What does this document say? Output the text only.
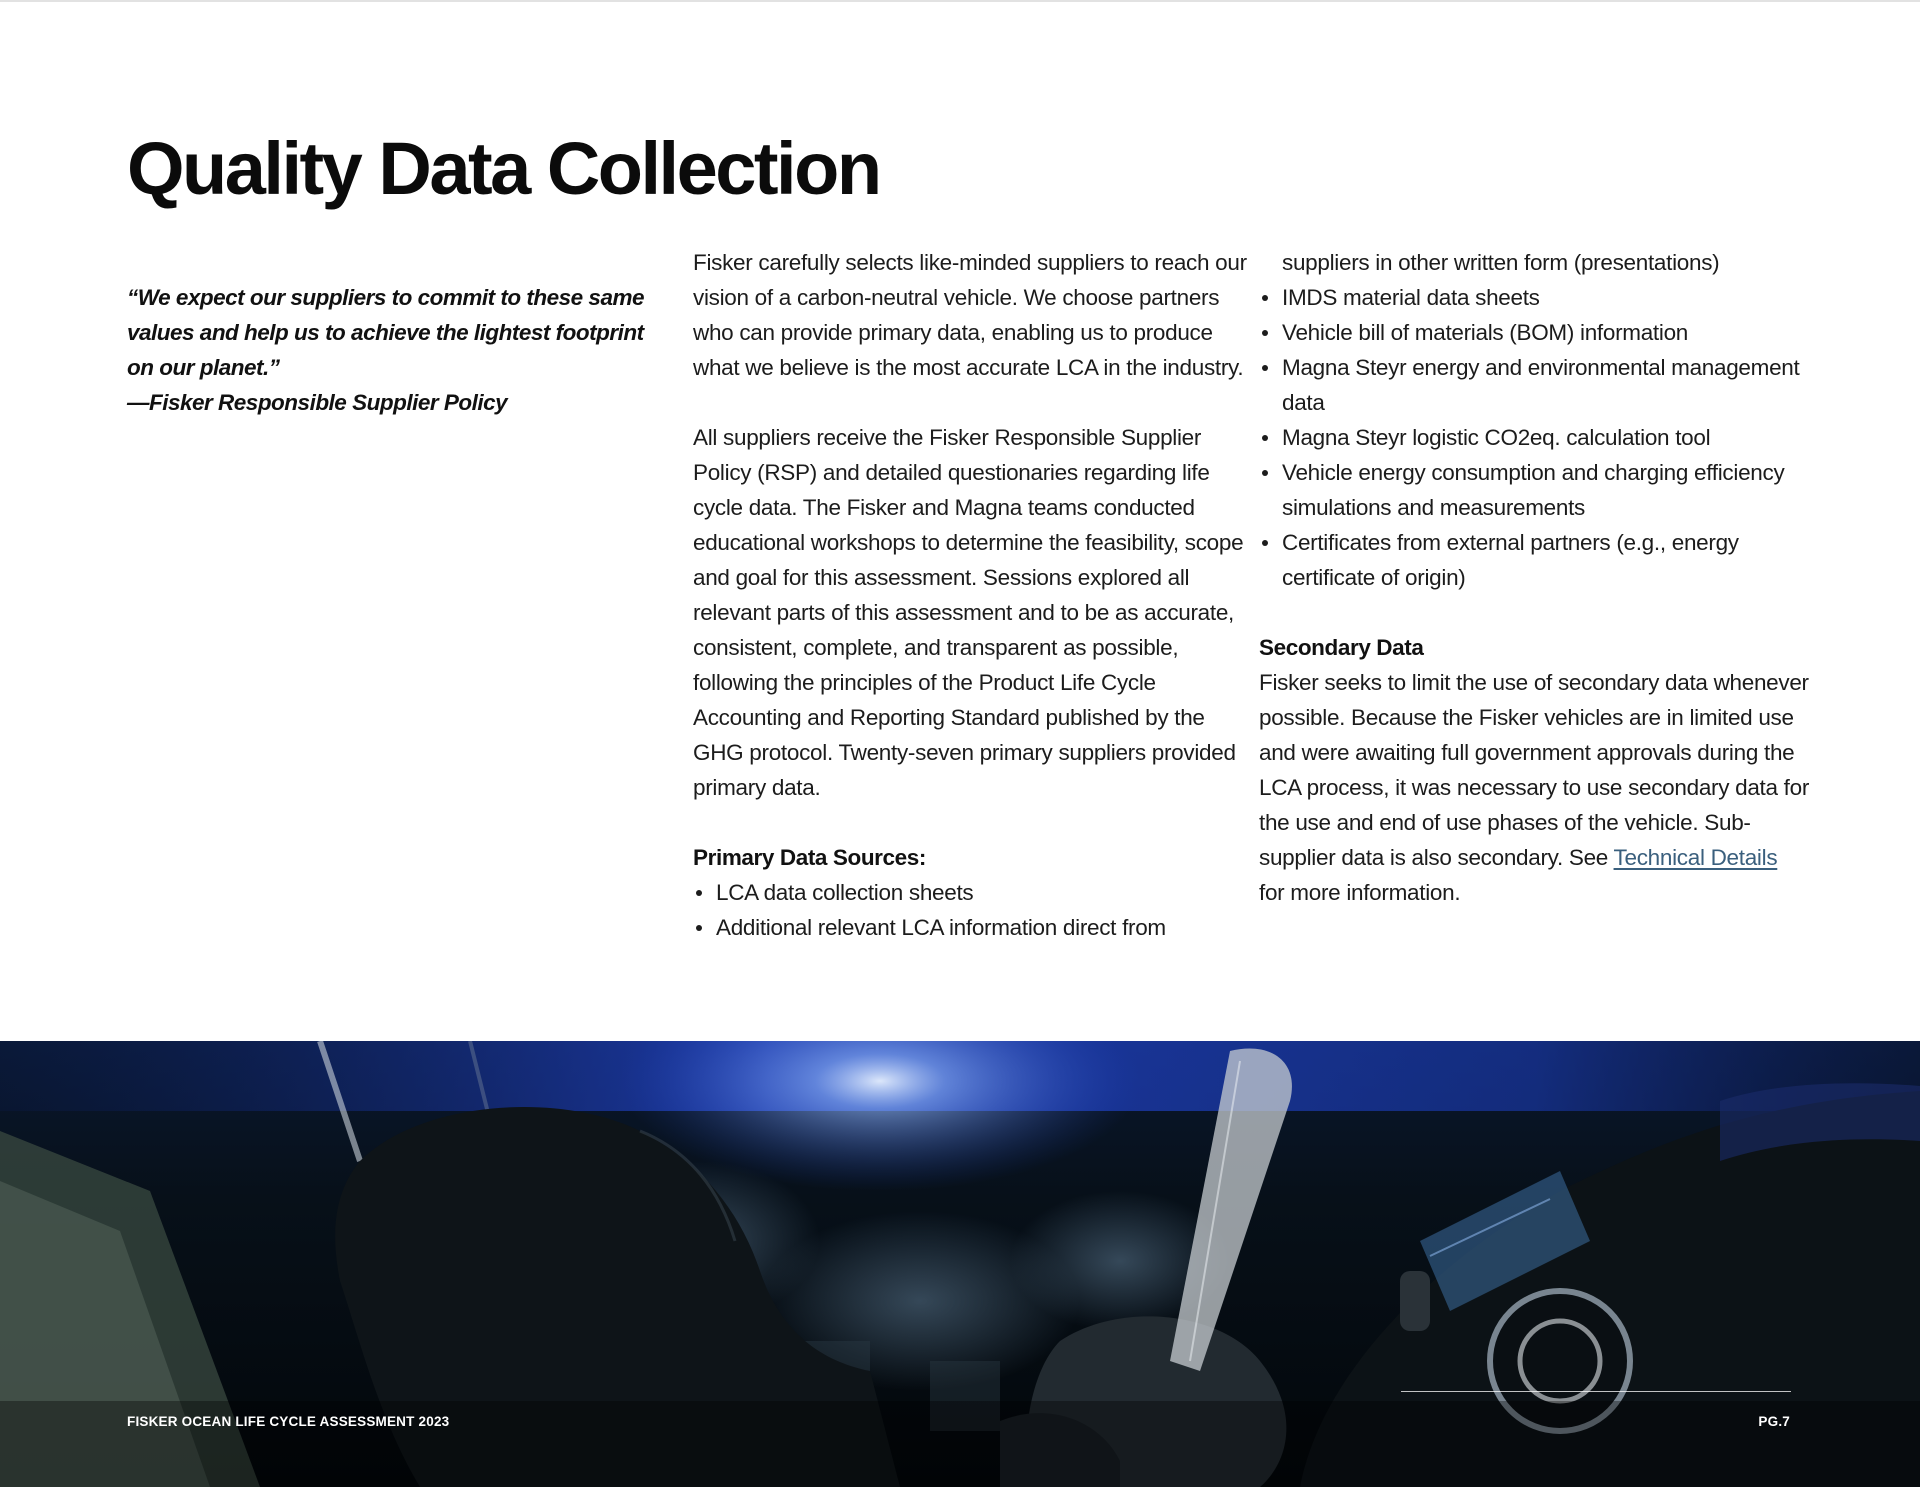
Quality Data Collection

“We expect our suppliers to commit to these same values and help us to achieve the lightest footprint on our planet.”

—Fisker Responsible Supplier Policy

Fisker carefully selects like-minded suppliers to reach our vision of a carbon-neutral vehicle. We choose partners who can provide primary data, enabling us to produce what we believe is the most accurate LCA in the industry.

All suppliers receive the Fisker Responsible Supplier Policy (RSP) and detailed questionaries regarding life cycle data. The Fisker and Magna teams conducted educational workshops to determine the feasibility, scope and goal for this assessment. Sessions explored all relevant parts of this assessment and to be as accurate, consistent, complete, and transparent as possible, following the principles of the Product Life Cycle Accounting and Reporting Standard published by the GHG protocol. Twenty-seven primary suppliers provided primary data.

Primary Data Sources:
LCA data collection sheets
Additional relevant LCA information direct from

suppliers in other written form (presentations)

IMDS material data sheets
Vehicle bill of materials (BOM) information
Magna Steyr energy and environmental management data
Magna Steyr logistic CO2eq. calculation tool
Vehicle energy consumption and charging efficiency simulations and measurements
Certificates from external partners (e.g., energy certificate of origin)
Secondary Data

Fisker seeks to limit the use of secondary data whenever possible. Because the Fisker vehicles are in limited use and were awaiting full government approvals during the LCA process, it was necessary to use secondary data for the use and end of use phases of the vehicle. Sub-supplier data is also secondary. See Technical Details
for more information.

FISKER OCEAN LIFE CYCLE ASSESSMENT 2023	PG.7
